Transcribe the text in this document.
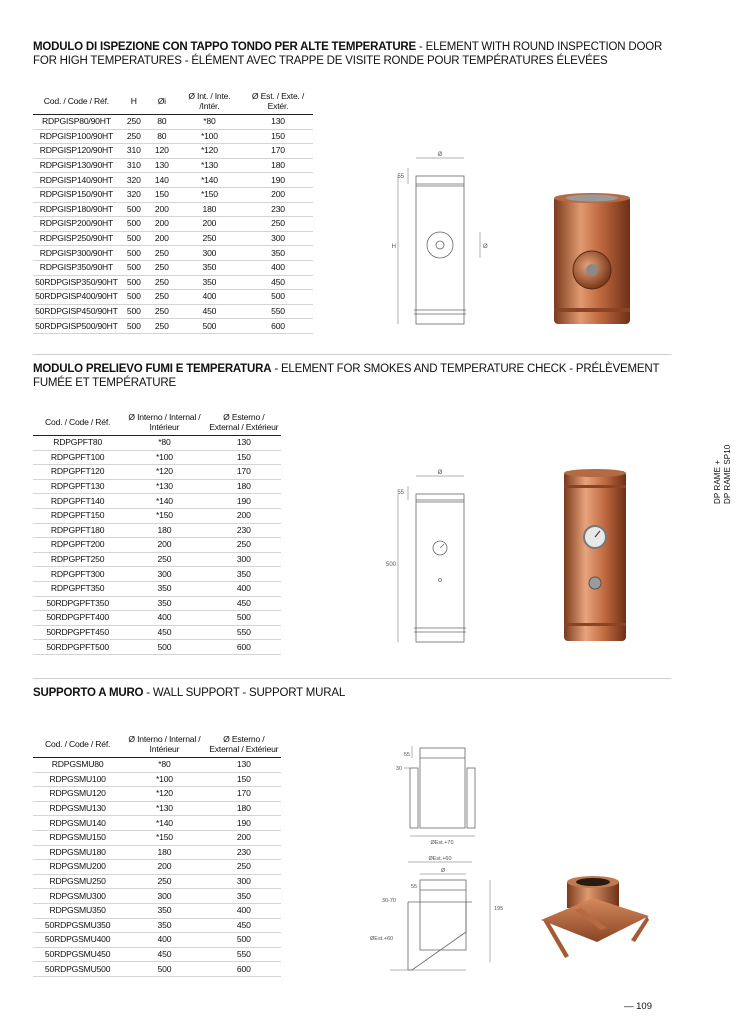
MODULO DI ISPEZIONE CON TAPPO TONDO PER ALTE TEMPERATURE - ELEMENT WITH ROUND INSPECTION DOOR FOR HIGH TEMPERATURES - ÉLÉMENT AVEC TRAPPE DE VISITE RONDE POUR TEMPÉRATURES ÉLEVÉES
Cod. / Code / Réf.	H	Øi	Ø Int. / Inte. /Intér.	Ø Est. / Exte. / Extér.
RDPGISP80/90HT	250	80	*80	130
RDPGISP100/90HT	250	80	*100	150
RDPGISP120/90HT	310	120	*120	170
RDPGISP130/90HT	310	130	*130	180
RDPGISP140/90HT	320	140	*140	190
RDPGISP150/90HT	320	150	*150	200
RDPGISP180/90HT	500	200	180	230
RDPGISP200/90HT	500	200	200	250
RDPGISP250/90HT	500	200	250	300
RDPGISP300/90HT	500	250	300	350
RDPGISP350/90HT	500	250	350	400
50RDPGISP350/90HT	500	250	350	450
50RDPGISP400/90HT	500	250	400	500
50RDPGISP450/90HT	500	250	450	550
50RDPGISP500/90HT	500	250	500	600
Ø
55
H	Ø
MODULO PRELIEVO FUMI E TEMPERATURA - ELEMENT FOR SMOKES AND TEMPERATURE CHECK - PRÉLÈVEMENT FUMÉE ET TEMPÉRATURE
Cod. / Code / Réf.	Ø Interno / Internal / Intérieur	Ø Esterno / External / Extérieur
RDPGPFT80	*80	130
RDPGPFT100	*100	150
RDPGPFT120	*120	170
RDPGPFT130	*130	180
RDPGPFT140	*140	190
RDPGPFT150	*150	200
RDPGPFT180	180	230
RDPGPFT200	200	250
RDPGPFT250	250	300
RDPGPFT300	300	350
RDPGPFT350	350	400
50RDPGPFT350	350	450
50RDPGPFT400	400	500
50RDPGPFT450	450	550
50RDPGPFT500	500	600
Ø
55
500
SUPPORTO A MURO - WALL SUPPORT - SUPPORT MURAL
Cod. / Code / Réf.	Ø Interno / Internal / Intérieur	Ø Esterno / External / Extérieur
RDPGSMU80	*80	130
RDPGSMU100	*100	150
RDPGSMU120	*120	170
RDPGSMU130	*130	180
RDPGSMU140	*140	190
RDPGSMU150	*150	200
RDPGSMU180	180	230
RDPGSMU200	200	250
RDPGSMU250	250	300
RDPGSMU300	300	350
RDPGSMU350	350	400
50RDPGSMU350	350	450
50RDPGSMU400	400	500
50RDPGSMU450	450	550
50RDPGSMU500	500	600
55
30
ØEst.+70
ØEst.+60
Ø
55
30-70
195
ØEst.+60
DP RAME + DP RAME SP10
— 109
